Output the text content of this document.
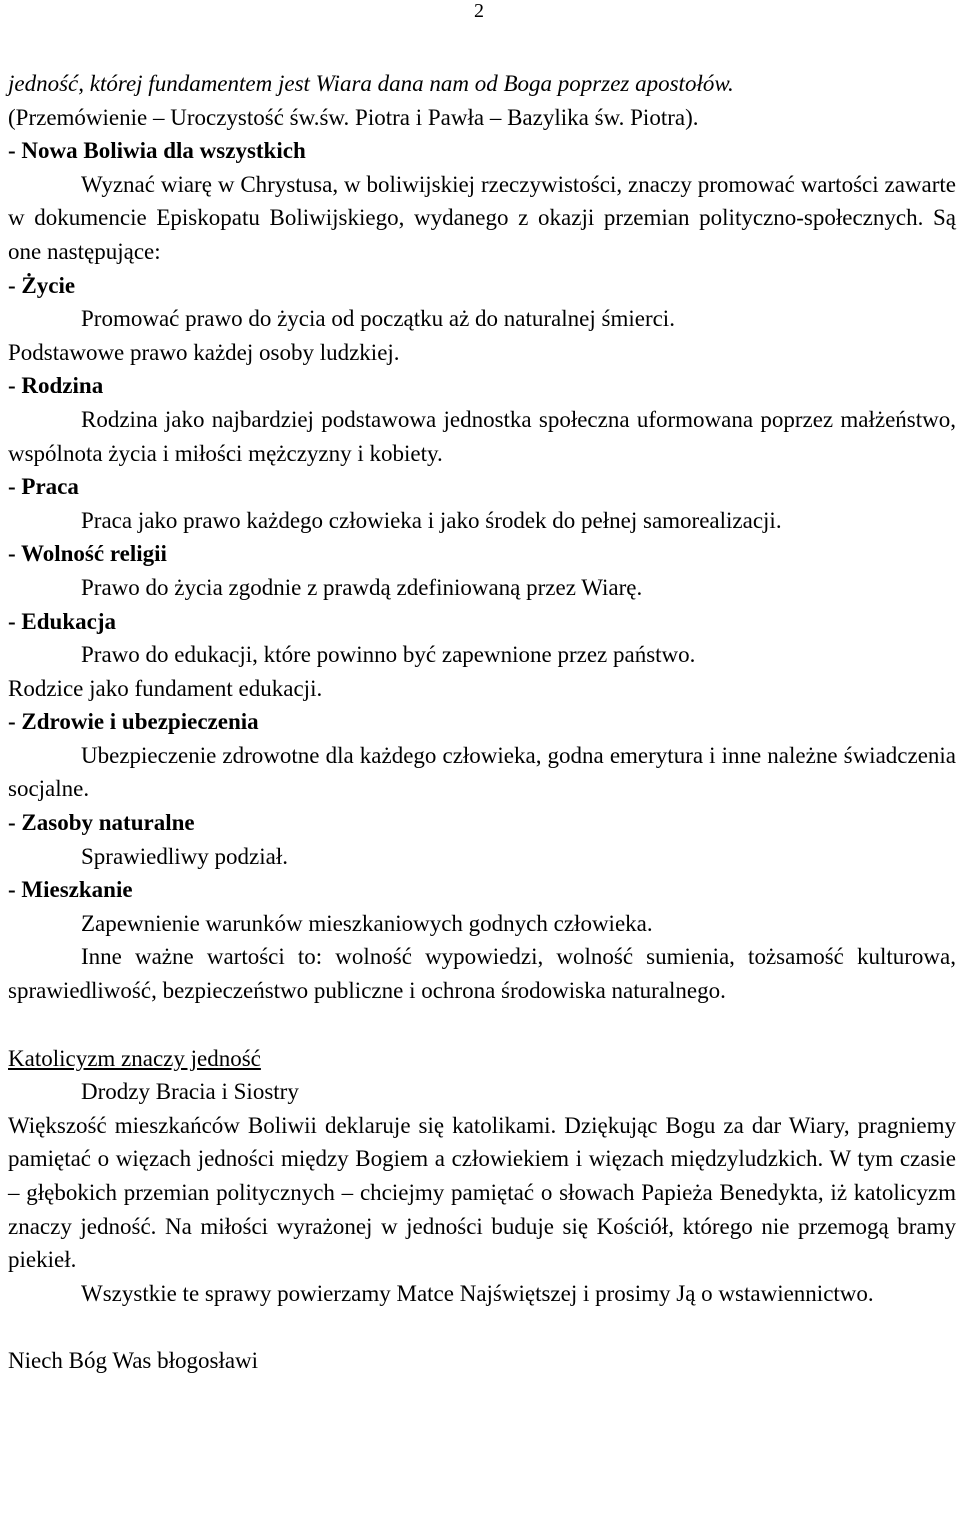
2

jedność, której fundamentem jest Wiara dana nam od Boga poprzez apostołów.

(Przemówienie – Uroczystość św.św. Piotra i Pawła – Bazylika św. Piotra).

- Nowa Boliwia dla wszystkich

Wyznać wiarę w Chrystusa, w boliwijskiej rzeczywistości, znaczy promować wartości zawarte w dokumencie Episkopatu Boliwijskiego, wydanego z okazji przemian polityczno-społecznych. Są one następujące:

- Życie

Promować prawo do życia od początku aż do naturalnej śmierci.

Podstawowe prawo każdej osoby ludzkiej.

- Rodzina

Rodzina jako najbardziej podstawowa jednostka społeczna uformowana poprzez małżeństwo, wspólnota życia i miłości mężczyzny i kobiety.

- Praca

Praca jako prawo każdego człowieka i jako środek do pełnej samorealizacji.

- Wolność religii

Prawo do życia zgodnie z prawdą zdefiniowaną przez Wiarę.

- Edukacja

Prawo do edukacji, które powinno być zapewnione przez państwo.

Rodzice jako fundament edukacji.

- Zdrowie i ubezpieczenia

Ubezpieczenie zdrowotne dla każdego człowieka, godna emerytura i inne należne świadczenia socjalne.

- Zasoby naturalne

Sprawiedliwy podział.

- Mieszkanie

Zapewnienie warunków mieszkaniowych godnych człowieka.

Inne ważne wartości to: wolność wypowiedzi, wolność sumienia, tożsamość kulturowa, sprawiedliwość, bezpieczeństwo publiczne i ochrona środowiska naturalnego.

Katolicyzm znaczy jedność

Drodzy Bracia i Siostry

Większość mieszkańców Boliwii deklaruje się katolikami. Dziękując Bogu za dar Wiary, pragniemy pamiętać o więzach jedności między Bogiem a człowiekiem i więzach międzyludzkich. W tym czasie – głębokich przemian politycznych – chciejmy pamiętać o słowach Papieża Benedykta, iż katolicyzm znaczy jedność. Na miłości wyrażonej w jedności buduje się Kościół, którego nie przemogą bramy piekieł.

Wszystkie te sprawy powierzamy Matce Najświętszej i prosimy Ją o wstawiennictwo.

Niech Bóg Was błogosławi
